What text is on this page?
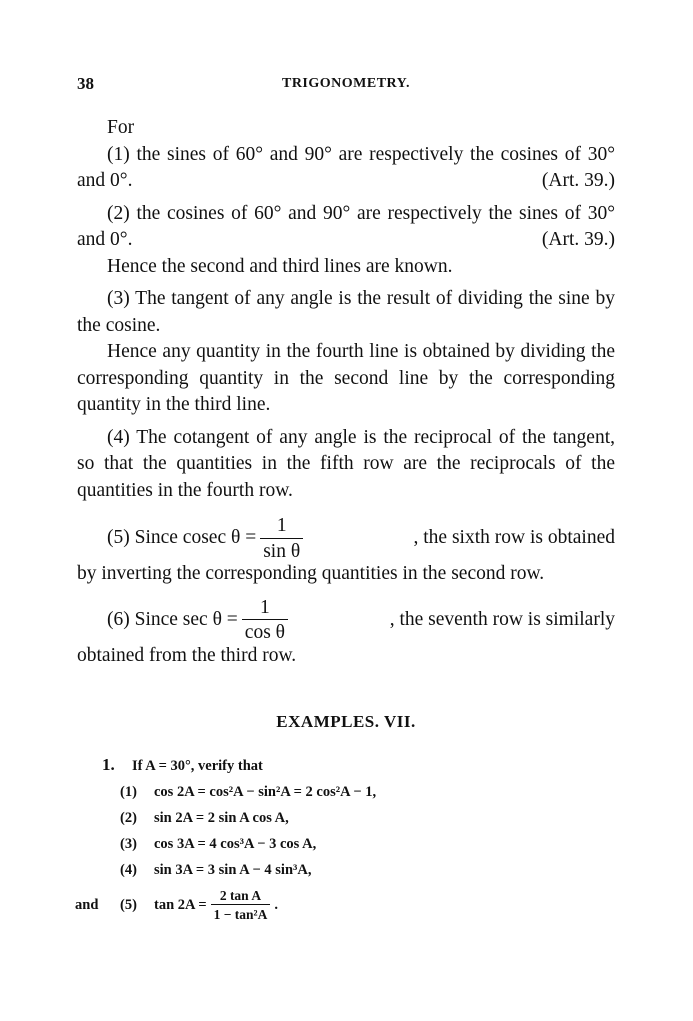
38	TRIGONOMETRY.

For

(1) the sines of 60° and 90° are respectively the cosines of 30° and 0°.	(Art. 39.)

(2) the cosines of 60° and 90° are respectively the sines of 30° and 0°.	(Art. 39.)

Hence the second and third lines are known.

(3) The tangent of any angle is the result of dividing the sine by the cosine.

Hence any quantity in the fourth line is obtained by dividing the corresponding quantity in the second line by the corresponding quantity in the third line.

(4) The cotangent of any angle is the reciprocal of the tangent, so that the quantities in the fifth row are the reciprocals of the quantities in the fourth row.

(5) Since cosec $\theta = \frac{1}{\text{sin θ}}$	, the sixth row is obtained

by inverting the corresponding quantities in the second row.

(6) Since $\sec \theta = \frac{1}{\text{cos θ}}$	, the seventh row is similarly

obtained from the third row.

EXAMPLES. VII.
1. If A = 30°, verify that
(1) cos 2A = cos²A − sin²A = 2 cos²A − 1,
(2) sin 2A = 2 sin A cos A,
(3) cos 3A = 4 cos³A − 3 cos A,
(4) sin 3A = 3 sin A − 4 sin³A,
and	(5)	$\tan 2A = \frac{\text{2 tan A}}{\text{1 − tan²A}}$ .
